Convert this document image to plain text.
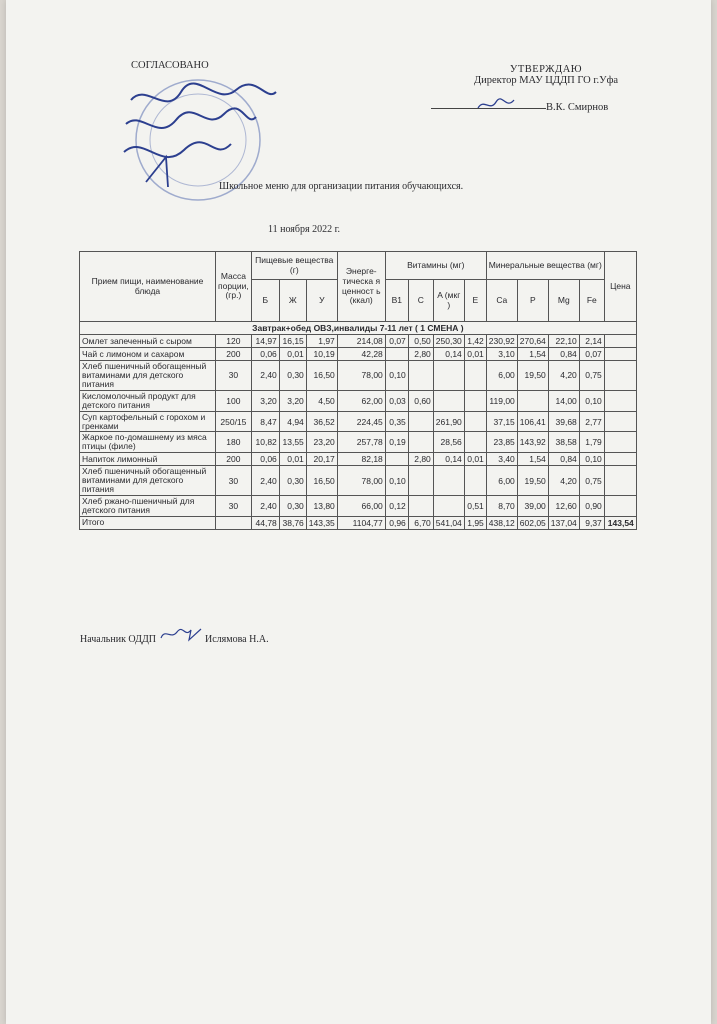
СОГЛАСОВАНО	УТВЕРЖДАЮ
Директор МАУ ЦДДП ГО г.Уфа
В.К. Смирнов
Школьное меню для организации питания обучающихся.
11 ноября 2022 г.
Прием пищи, наименование блюда	Масса порции, (гр.)	Пищевые вещества (г)			Энерге-тическа я ценност ь (ккал)	Витамины (мг)				Минеральные вещества (мг)				Цена
		Б	Ж	У		B1	C	A (мкг )	E	Ca	P	Mg	Fe	
Завтрак+обед ОВЗ,инвалиды 7-11 лет ( 1 СМЕНА )														
Омлет запеченный с сыром	120	14,97	16,15	1,97	214,08	0,07	0,50	250,30	1,42	230,92	270,64	22,10	2,14	
Чай с лимоном и сахаром	200	0,06	0,01	10,19	42,28		2,80	0,14	0,01	3,10	1,54	0,84	0,07	
Хлеб пшеничный обогащенный витаминами для детского питания	30	2,40	0,30	16,50	78,00	0,10				6,00	19,50	4,20	0,75	
Кисломолочный продукт для детского питания	100	3,20	3,20	4,50	62,00	0,03	0,60			119,00		14,00	0,10	
Суп картофельный с горохом и гренками	250/15	8,47	4,94	36,52	224,45	0,35		261,90		37,15	106,41	39,68	2,77	
Жаркое по-домашнему из мяса птицы (филе)	180	10,82	13,55	23,20	257,78	0,19		28,56		23,85	143,92	38,58	1,79	
Напиток лимонный	200	0,06	0,01	20,17	82,18		2,80	0,14	0,01	3,40	1,54	0,84	0,10	
Хлеб пшеничный обогащенный витаминами для детского питания	30	2,40	0,30	16,50	78,00	0,10				6,00	19,50	4,20	0,75	
Хлеб ржано-пшеничный для детского питания	30	2,40	0,30	13,80	66,00	0,12			0,51	8,70	39,00	12,60	0,90	
Итого		44,78	38,76	143,35	1104,77	0,96	6,70	541,04	1,95	438,12	602,05	137,04	9,37	143,54
Начальник ОДДП	Ислямова Н.А.
